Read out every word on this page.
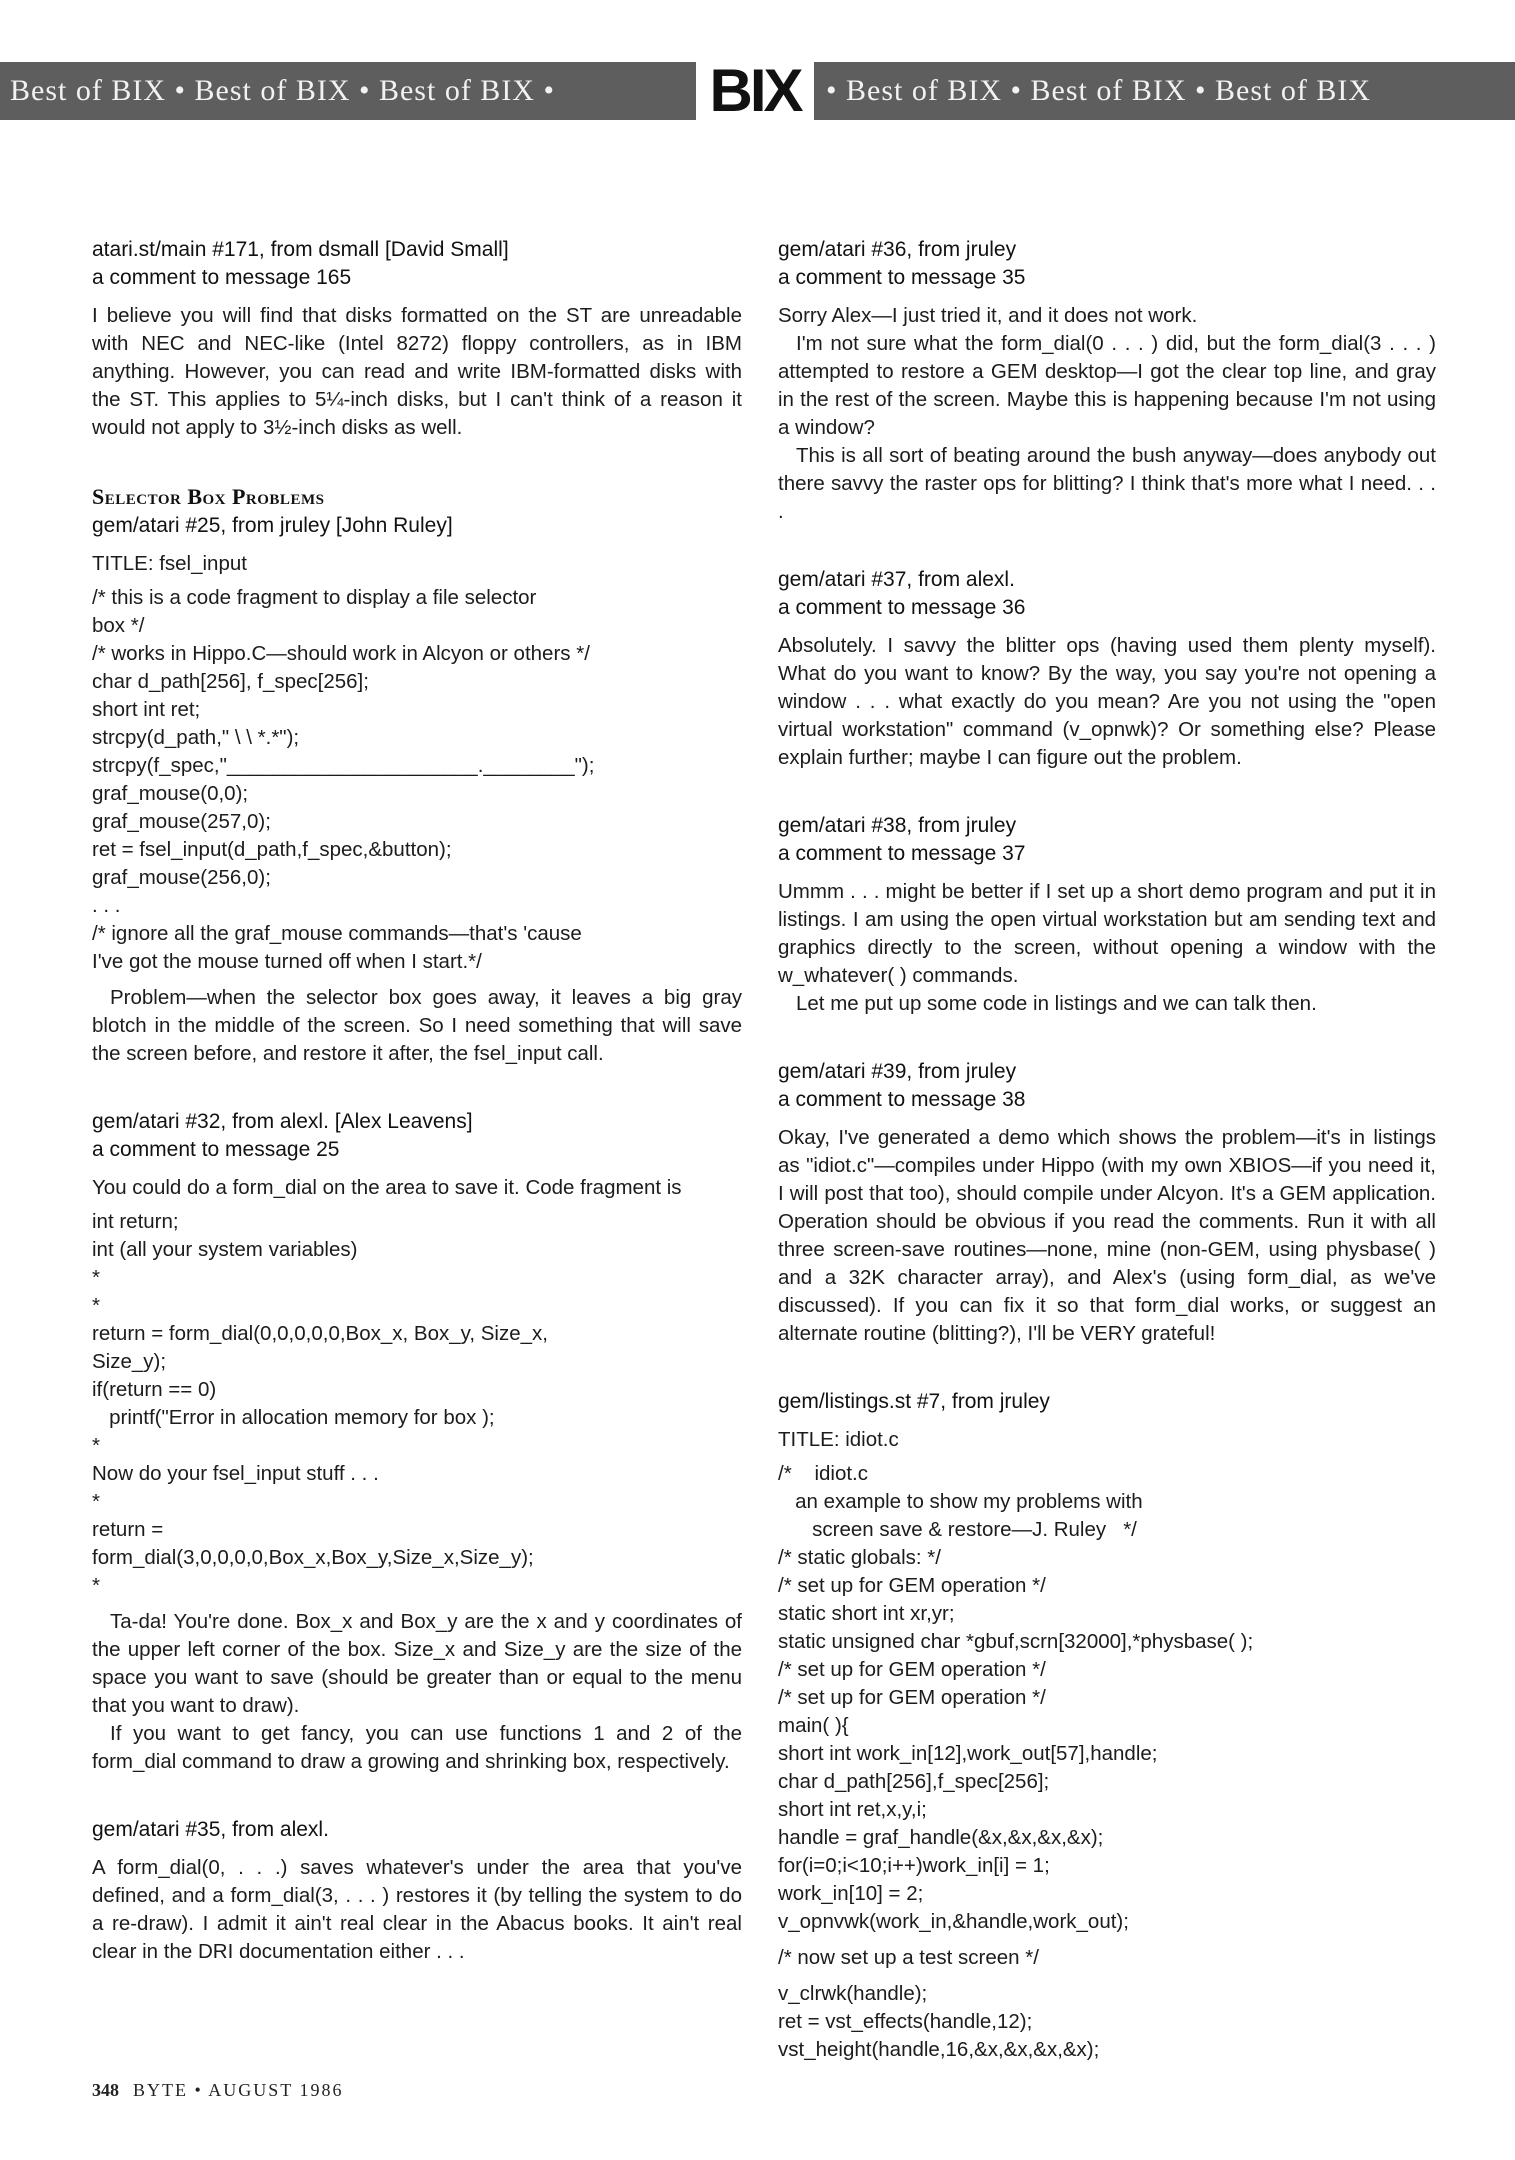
Best of BIX • Best of BIX • Best of BIX •	BIX • Best of BIX • Best of BIX • Best of BIX
atari.st/main #171, from dsmall [David Small]
a comment to message 165
I believe you will find that disks formatted on the ST are unreadable with NEC and NEC-like (Intel 8272) floppy controllers, as in IBM anything. However, you can read and write IBM-formatted disks with the ST. This applies to 5¼-inch disks, but I can't think of a reason it would not apply to 3½-inch disks as well.
Selector Box Problems
gem/atari #25, from jruley [John Ruley]
TITLE: fsel_input
/* this is a code fragment to display a file selector
box */
/* works in Hippo.C—should work in Alcyon or others */
char d_path[256], f_spec[256];
short int ret;
strcpy(d_path," \ \ *.*");
strcpy(f_spec,"______________________.________");
graf_mouse(0,0);
graf_mouse(257,0);
ret = fsel_input(d_path,f_spec,&button);
graf_mouse(256,0);
. . .
/* ignore all the graf_mouse commands—that's 'cause
I've got the mouse turned off when I start.*/
Problem—when the selector box goes away, it leaves a big gray blotch in the middle of the screen. So I need something that will save the screen before, and restore it after, the fsel_input call.
gem/atari #32, from alexl. [Alex Leavens]
a comment to message 25
You could do a form_dial on the area to save it. Code fragment is
int return;
int (all your system variables)
*
*
return = form_dial(0,0,0,0,0,Box_x, Box_y, Size_x,
Size_y);
if(return == 0)
printf("Error in allocation memory for box );
*
Now do your fsel_input stuff . . .
*
return =
form_dial(3,0,0,0,0,Box_x,Box_y,Size_x,Size_y);
*
Ta-da! You're done. Box_x and Box_y are the x and y coordinates of the upper left corner of the box. Size_x and Size_y are the size of the space you want to save (should be greater than or equal to the menu that you want to draw).
If you want to get fancy, you can use functions 1 and 2 of the form_dial command to draw a growing and shrinking box, respectively.
gem/atari #35, from alexl.
A form_dial(0, . . .) saves whatever's under the area that you've defined, and a form_dial(3, . . . ) restores it (by telling the system to do a re-draw). I admit it ain't real clear in the Abacus books. It ain't real clear in the DRI documentation either . . .
gem/atari #36, from jruley
a comment to message 35
Sorry Alex—I just tried it, and it does not work.
I'm not sure what the form_dial(0 . . . ) did, but the form_dial(3 . . . ) attempted to restore a GEM desktop—I got the clear top line, and gray in the rest of the screen. Maybe this is happening because I'm not using a window?
This is all sort of beating around the bush anyway—does anybody out there savvy the raster ops for blitting? I think that's more what I need. . . .
gem/atari #37, from alexl.
a comment to message 36
Absolutely. I savvy the blitter ops (having used them plenty myself). What do you want to know? By the way, you say you're not opening a window . . . what exactly do you mean? Are you not using the "open virtual workstation" command (v_opnwk)? Or something else? Please explain further; maybe I can figure out the problem.
gem/atari #38, from jruley
a comment to message 37
Ummm . . . might be better if I set up a short demo program and put it in listings. I am using the open virtual workstation but am sending text and graphics directly to the screen, without opening a window with the w_whatever( ) commands.
Let me put up some code in listings and we can talk then.
gem/atari #39, from jruley
a comment to message 38
Okay, I've generated a demo which shows the problem—it's in listings as "idiot.c"—compiles under Hippo (with my own XBIOS—if you need it, I will post that too), should compile under Alcyon. It's a GEM application. Operation should be obvious if you read the comments. Run it with all three screen-save routines—none, mine (non-GEM, using physbase( ) and a 32K character array), and Alex's (using form_dial, as we've discussed). If you can fix it so that form_dial works, or suggest an alternate routine (blitting?), I'll be VERY grateful!
gem/listings.st #7, from jruley
TITLE: idiot.c
/*    idiot.c
an example to show my problems with
screen save & restore—J. Ruley   */
/* static globals: */
/* set up for GEM operation */
static short int xr,yr;
static unsigned char *gbuf,scrn[32000],*physbase( );
/* set up for GEM operation */
/* set up for GEM operation */
main( ){
short int work_in[12],work_out[57],handle;
char d_path[256],f_spec[256];
short int ret,x,y,i;
handle = graf_handle(&x,&x,&x,&x);
for(i=0;i<10;i++)work_in[i] = 1;
work_in[10] = 2;
v_opnvwk(work_in,&handle,work_out);
/* now set up a test screen */
v_clrwk(handle);
ret = vst_effects(handle,12);
vst_height(handle,16,&x,&x,&x,&x);
348 BYTE • AUGUST 1986
